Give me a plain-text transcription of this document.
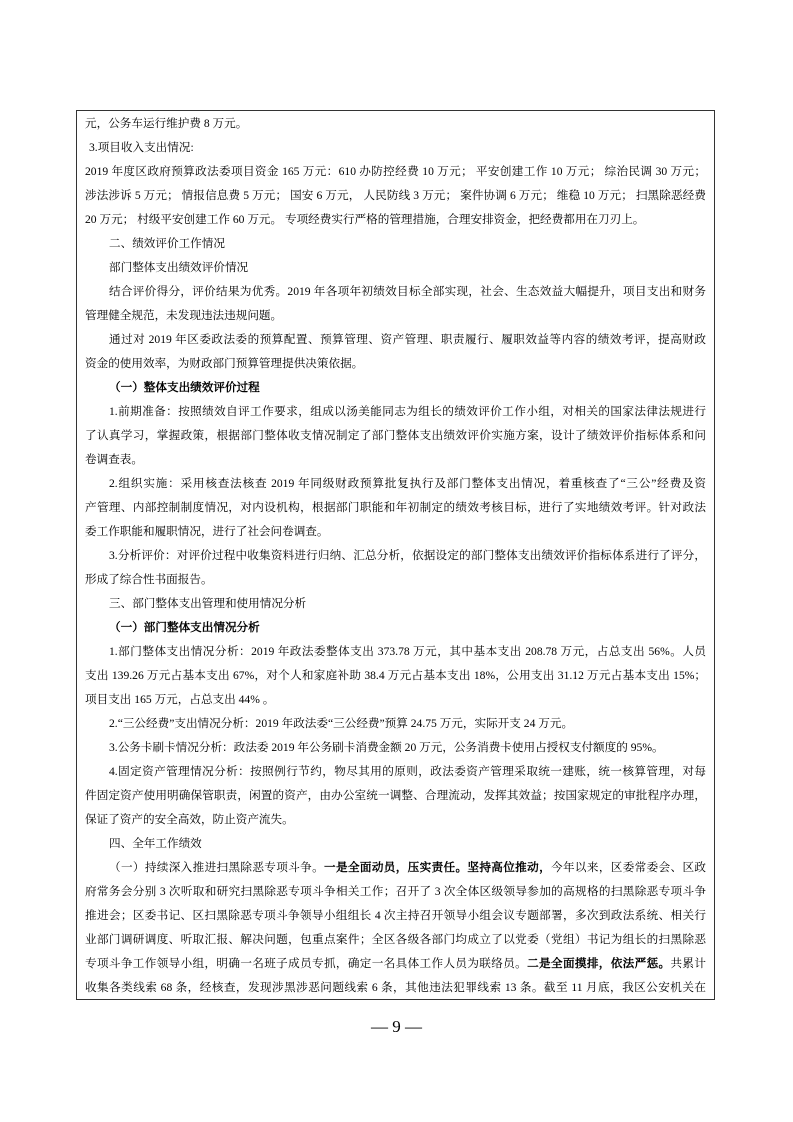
元，公务车运行维护费 8 万元。
3.项目收入支出情况:
2019 年度区政府预算政法委项目资金 165 万元：610 办防控经费 10 万元； 平安创建工作 10 万元； 综治民调 30 万元；
涉法涉诉 5 万元； 情报信息费 5 万元； 国安 6 万元， 人民防线 3 万元； 案件协调 6 万元； 维稳 10 万元； 扫黑除恶经费
20 万元； 村级平安创建工作 60 万元。 专项经费实行严格的管理措施，合理安排资金，把经费都用在刀刃上。
二、绩效评价工作情况
部门整体支出绩效评价情况
结合评价得分，评价结果为优秀。2019 年各项年初绩效目标全部实现，社会、生态效益大幅提升，项目支出和财务
管理健全规范，未发现违法违规问题。
通过对 2019 年区委政法委的预算配置、预算管理、资产管理、职责履行、履职效益等内容的绩效考评，提高财政
资金的使用效率，为财政部门预算管理提供决策依据。
（一）整体支出绩效评价过程
1.前期准备：按照绩效自评工作要求，组成以汤美能同志为组长的绩效评价工作小组，对相关的国家法律法规进行
了认真学习，掌握政策，根据部门整体收支情况制定了部门整体支出绩效评价实施方案，设计了绩效评价指标体系和问
卷调查表。
2.组织实施：采用核查法核查 2019 年同级财政预算批复执行及部门整体支出情况，着重核查了“三公”经费及资
产管理、内部控制制度情况，对内设机构，根据部门职能和年初制定的绩效考核目标，进行了实地绩效考评。针对政法
委工作职能和履职情况，进行了社会问卷调查。
3.分析评价：对评价过程中收集资料进行归纳、汇总分析，依据设定的部门整体支出绩效评价指标体系进行了评分，
形成了综合性书面报告。
三、部门整体支出管理和使用情况分析
（一）部门整体支出情况分析
1.部门整体支出情况分析：2019 年政法委整体支出 373.78 万元，其中基本支出 208.78 万元，占总支出 56%。人员
支出 139.26 万元占基本支出 67%，对个人和家庭补助 38.4 万元占基本支出 18%，公用支出 31.12 万元占基本支出 15%；
项目支出 165 万元，占总支出 44% 。
2.“三公经费”支出情况分析：2019 年政法委“三公经费”预算 24.75 万元，实际开支 24 万元。
3.公务卡刷卡情况分析：政法委 2019 年公务刷卡消费金额 20 万元，公务消费卡使用占授权支付额度的 95%。
4.固定资产管理情况分析：按照例行节约，物尽其用的原则，政法委资产管理采取统一建账，统一核算管理，对每
件固定资产使用明确保管职责，闲置的资产，由办公室统一调整、合理流动，发挥其效益；按国家规定的审批程序办理，
保证了资产的安全高效，防止资产流失。
四、全年工作绩效
（一）持续深入推进扫黑除恶专项斗争。一是全面动员，压实责任。坚持高位推动，今年以来，区委常委会、区政
府常务会分别 3 次听取和研究扫黑除恶专项斗争相关工作；召开了 3 次全体区级领导参加的高规格的扫黑除恶专项斗争
推进会；区委书记、区扫黑除恶专项斗争领导小组组长 4 次主持召开领导小组会议专题部署，多次到政法系统、相关行
业部门调研调度、听取汇报、解决问题，包重点案件；全区各级各部门均成立了以党委（党组）书记为组长的扫黑除恶
专项斗争工作领导小组，明确一名班子成员专抓，确定一名具体工作人员为联络员。二是全面摸排，依法严惩。共累计
收集各类线索 68 条，经核查，发现涉黑涉恶问题线索 6 条，其他违法犯罪线索 13 条。截至 11 月底，我区公安机关在
— 9 —
